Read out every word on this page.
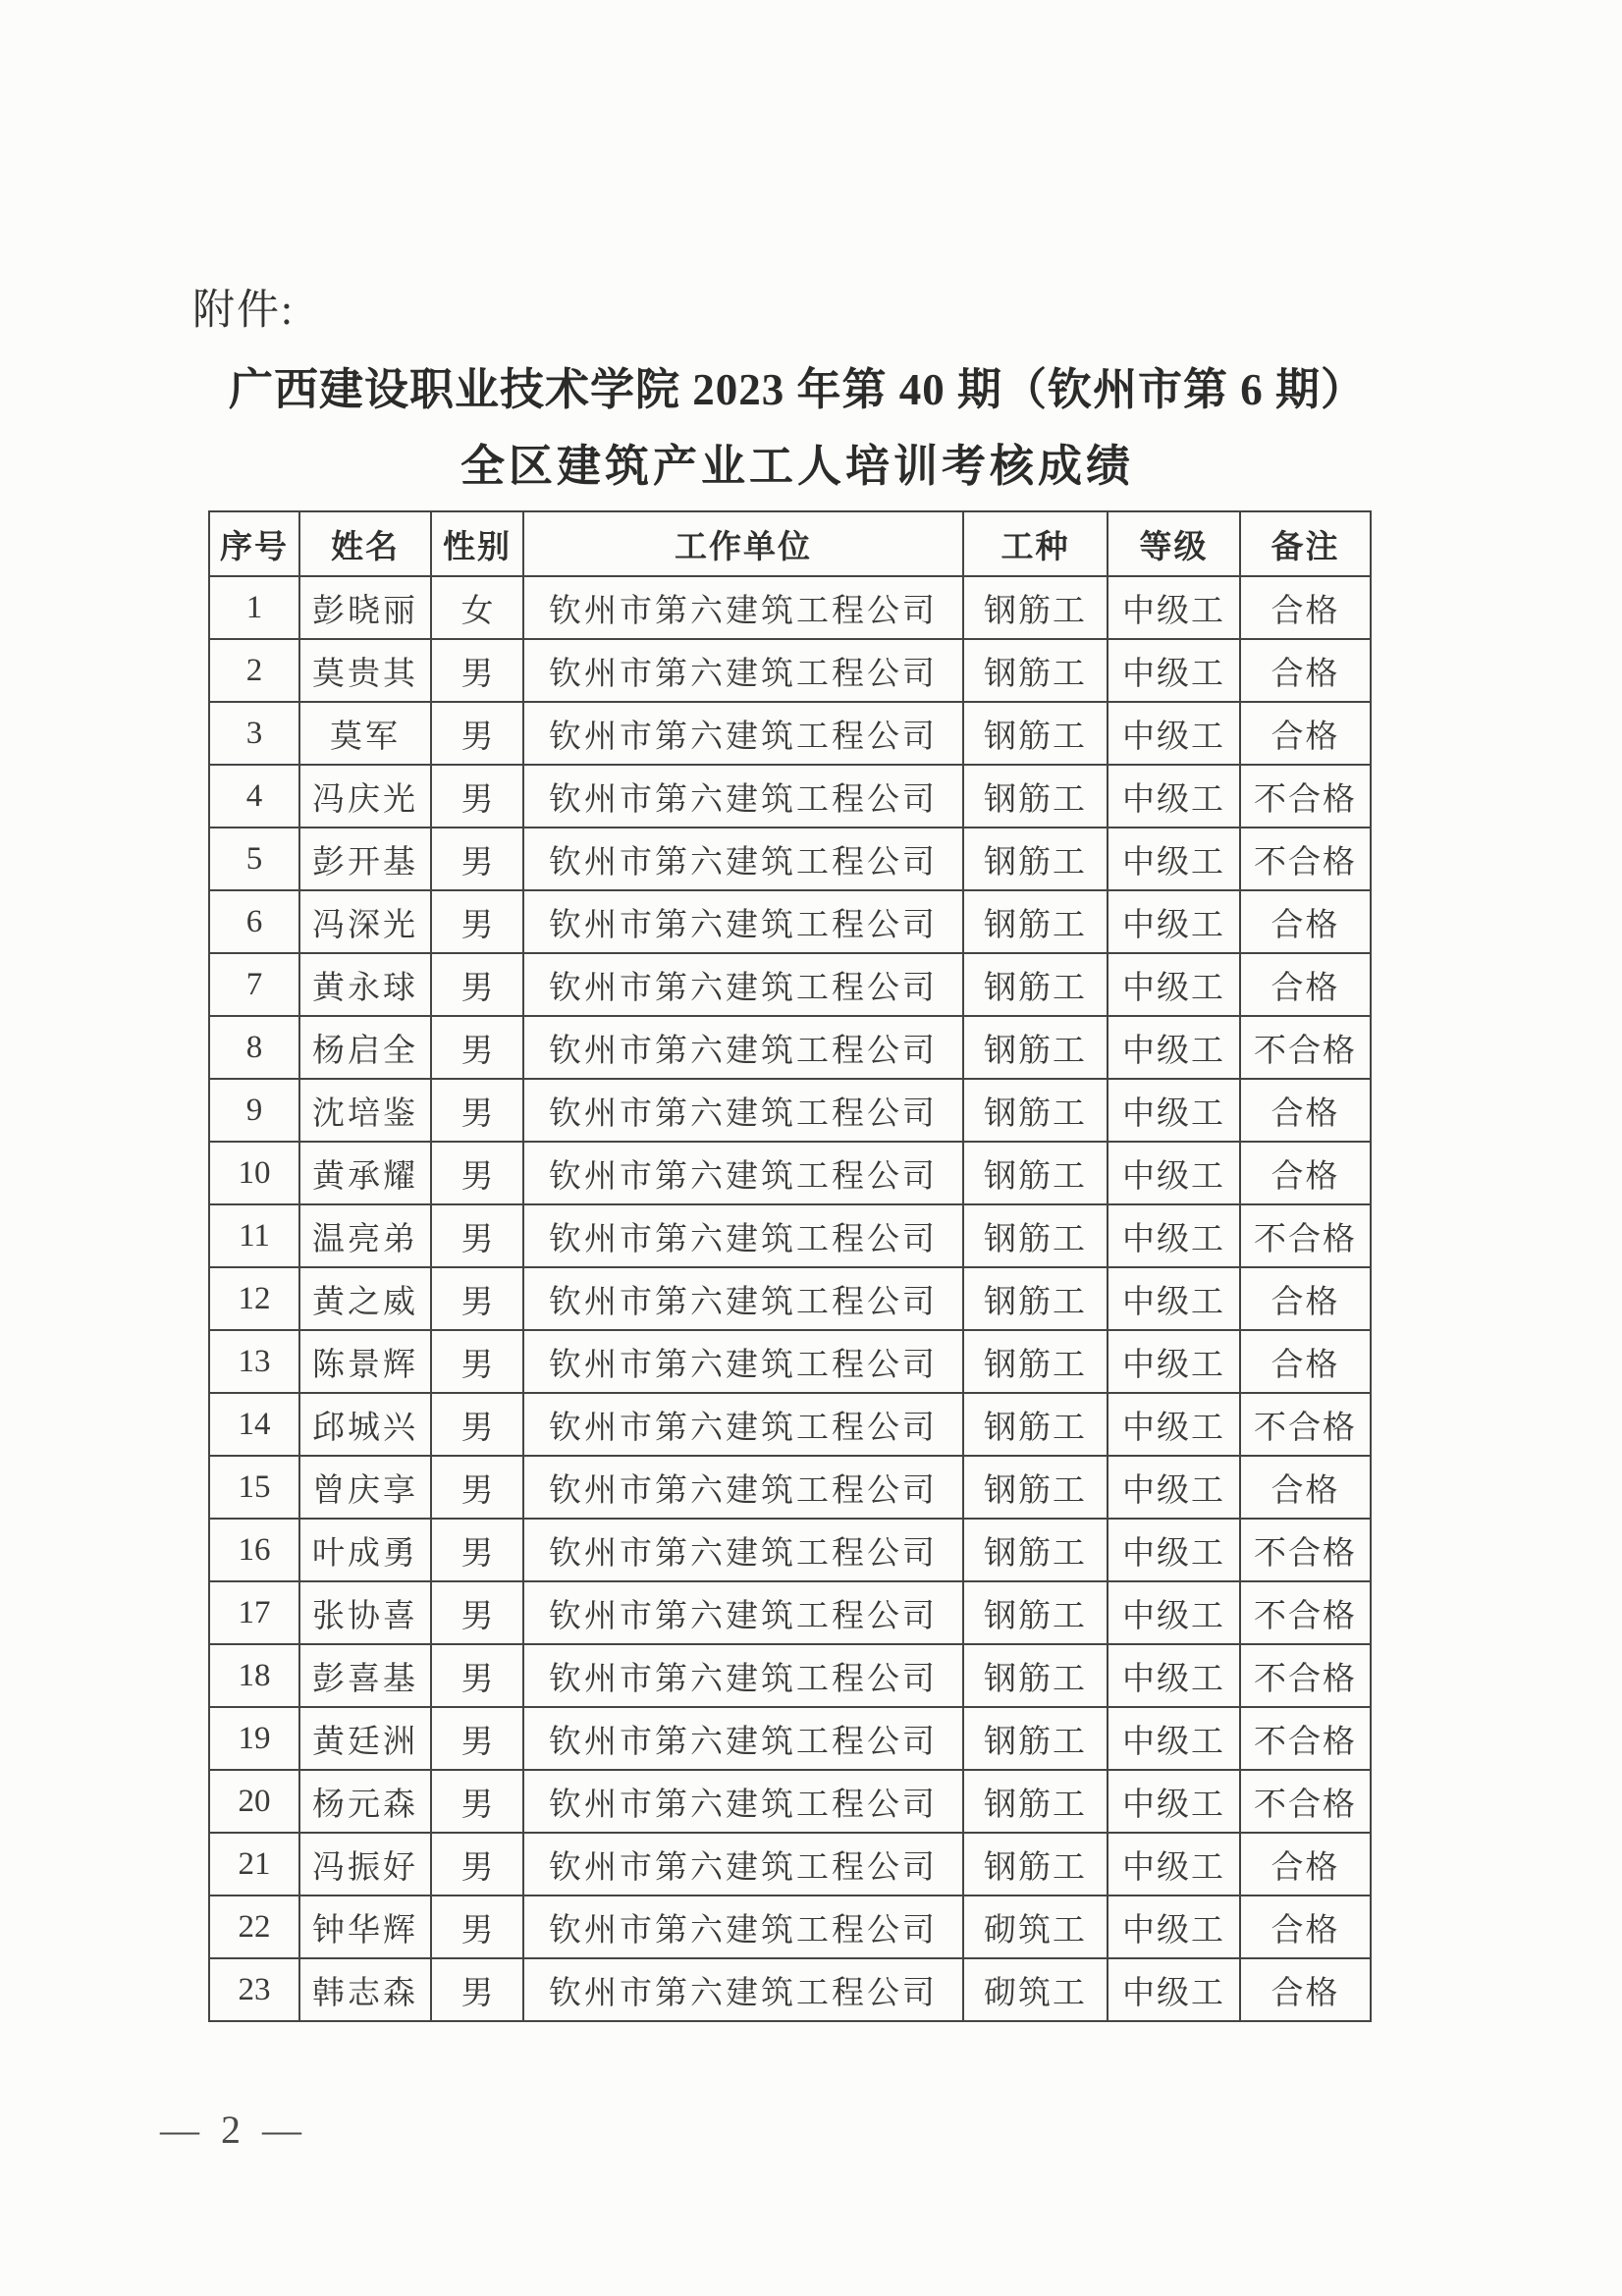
附件:
广西建设职业技术学院 2023 年第 40 期（钦州市第 6 期）
全区建筑产业工人培训考核成绩
序号	姓名	性别	工作单位	工种	等级	备注
1	彭晓丽	女	钦州市第六建筑工程公司	钢筋工	中级工	合格
2	莫贵其	男	钦州市第六建筑工程公司	钢筋工	中级工	合格
3	莫军	男	钦州市第六建筑工程公司	钢筋工	中级工	合格
4	冯庆光	男	钦州市第六建筑工程公司	钢筋工	中级工	不合格
5	彭开基	男	钦州市第六建筑工程公司	钢筋工	中级工	不合格
6	冯深光	男	钦州市第六建筑工程公司	钢筋工	中级工	合格
7	黄永球	男	钦州市第六建筑工程公司	钢筋工	中级工	合格
8	杨启全	男	钦州市第六建筑工程公司	钢筋工	中级工	不合格
9	沈培鉴	男	钦州市第六建筑工程公司	钢筋工	中级工	合格
10	黄承耀	男	钦州市第六建筑工程公司	钢筋工	中级工	合格
11	温亮弟	男	钦州市第六建筑工程公司	钢筋工	中级工	不合格
12	黄之威	男	钦州市第六建筑工程公司	钢筋工	中级工	合格
13	陈景辉	男	钦州市第六建筑工程公司	钢筋工	中级工	合格
14	邱城兴	男	钦州市第六建筑工程公司	钢筋工	中级工	不合格
15	曾庆享	男	钦州市第六建筑工程公司	钢筋工	中级工	合格
16	叶成勇	男	钦州市第六建筑工程公司	钢筋工	中级工	不合格
17	张协喜	男	钦州市第六建筑工程公司	钢筋工	中级工	不合格
18	彭喜基	男	钦州市第六建筑工程公司	钢筋工	中级工	不合格
19	黄廷洲	男	钦州市第六建筑工程公司	钢筋工	中级工	不合格
20	杨元森	男	钦州市第六建筑工程公司	钢筋工	中级工	不合格
21	冯振好	男	钦州市第六建筑工程公司	钢筋工	中级工	合格
22	钟华辉	男	钦州市第六建筑工程公司	砌筑工	中级工	合格
23	韩志森	男	钦州市第六建筑工程公司	砌筑工	中级工	合格
— 2 —
